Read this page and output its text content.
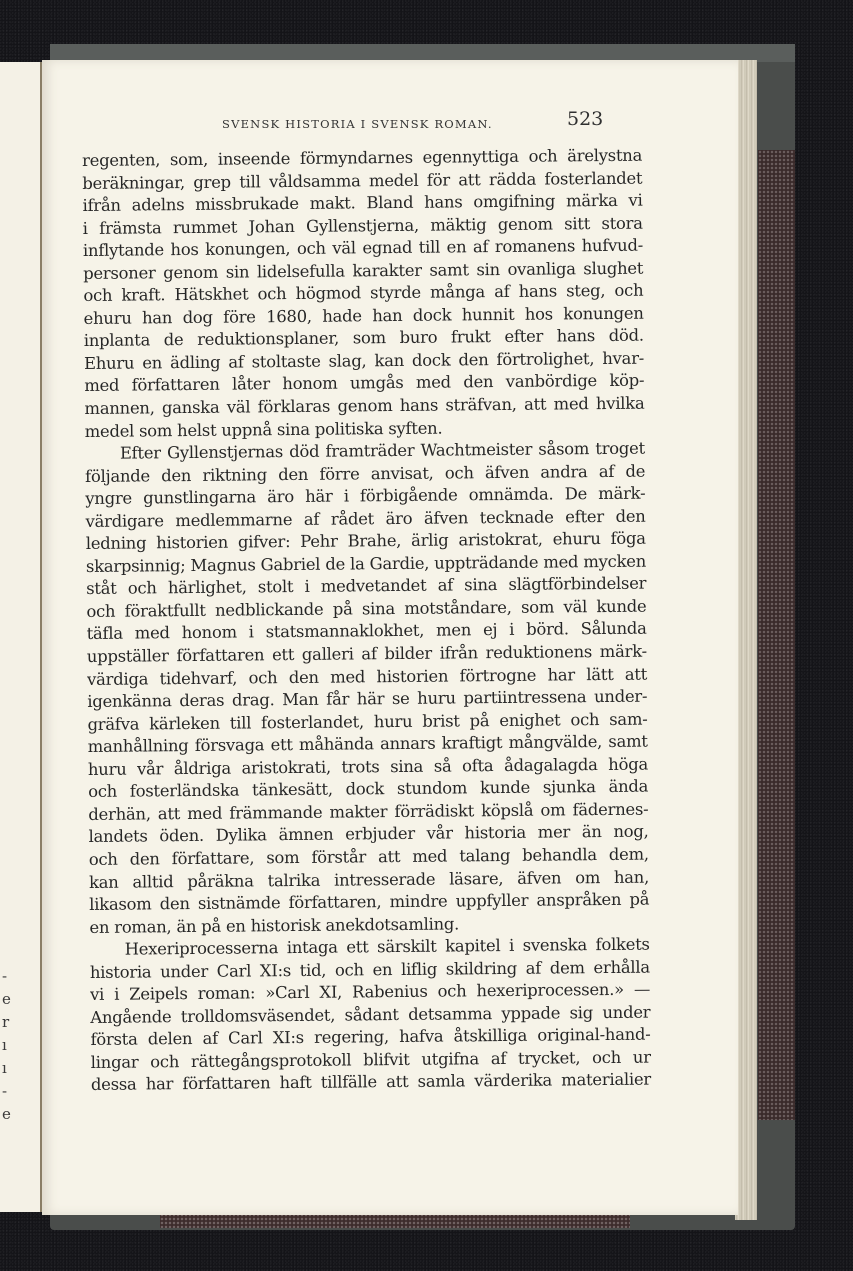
-
e
r
ı
ı
-
e
SVENSK HISTORIA I SVENSK ROMAN.	523
regenten, som, inseende förmyndarnes egennyttiga och ärelystna
beräkningar, grep till våldsamma medel för att rädda fosterlandet
ifrån adelns missbrukade makt. Bland hans omgifning märka vi
i främsta rummet Johan Gyllenstjerna, mäktig genom sitt stora
inflytande hos konungen, och väl egnad till en af romanens hufvud-
personer genom sin lidelsefulla karakter samt sin ovanliga slughet
och kraft. Hätskhet och högmod styrde många af hans steg, och
ehuru han dog före 1680, hade han dock hunnit hos konungen
inplanta de reduktionsplaner, som buro frukt efter hans död.
Ehuru en ädling af stoltaste slag, kan dock den förtrolighet, hvar-
med författaren låter honom umgås med den vanbördige köp-
mannen, ganska väl förklaras genom hans sträfvan, att med hvilka
medel som helst uppnå sina politiska syften.
Efter Gyllenstjernas död framträder Wachtmeister såsom troget
följande den riktning den förre anvisat, och äfven andra af de
yngre gunstlingarna äro här i förbigående omnämda. De märk-
värdigare medlemmarne af rådet äro äfven tecknade efter den
ledning historien gifver: Pehr Brahe, ärlig aristokrat, ehuru föga
skarpsinnig; Magnus Gabriel de la Gardie, uppträdande med mycken
ståt och härlighet, stolt i medvetandet af sina slägtförbindelser
och föraktfullt nedblickande på sina motståndare, som väl kunde
täfla med honom i statsmannaklokhet, men ej i börd. Sålunda
uppställer författaren ett galleri af bilder ifrån reduktionens märk-
värdiga tidehvarf, och den med historien förtrogne har lätt att
igenkänna deras drag. Man får här se huru partiintressena under-
gräfva kärleken till fosterlandet, huru brist på enighet och sam-
manhållning försvaga ett måhända annars kraftigt mångvälde, samt
huru vår åldriga aristokrati, trots sina så ofta ådagalagda höga
och fosterländska tänkesätt, dock stundom kunde sjunka ända
derhän, att med främmande makter förrädiskt köpslå om fädernes-
landets öden. Dylika ämnen erbjuder vår historia mer än nog,
och den författare, som förstår att med talang behandla dem,
kan alltid påräkna talrika intresserade läsare, äfven om han,
likasom den sistnämde författaren, mindre uppfyller anspråken på
en roman, än på en historisk anekdotsamling.
Hexeriprocesserna intaga ett särskilt kapitel i svenska folkets
historia under Carl XI:s tid, och en liflig skildring af dem erhålla
vi i Zeipels roman: »Carl XI, Rabenius och hexeriprocessen.» —
Angående trolldomsväsendet, sådant detsamma yppade sig under
första delen af Carl XI:s regering, hafva åtskilliga original-hand-
lingar och rättegångsprotokoll blifvit utgifna af trycket, och ur
dessa har författaren haft tillfälle att samla värderika materialier
